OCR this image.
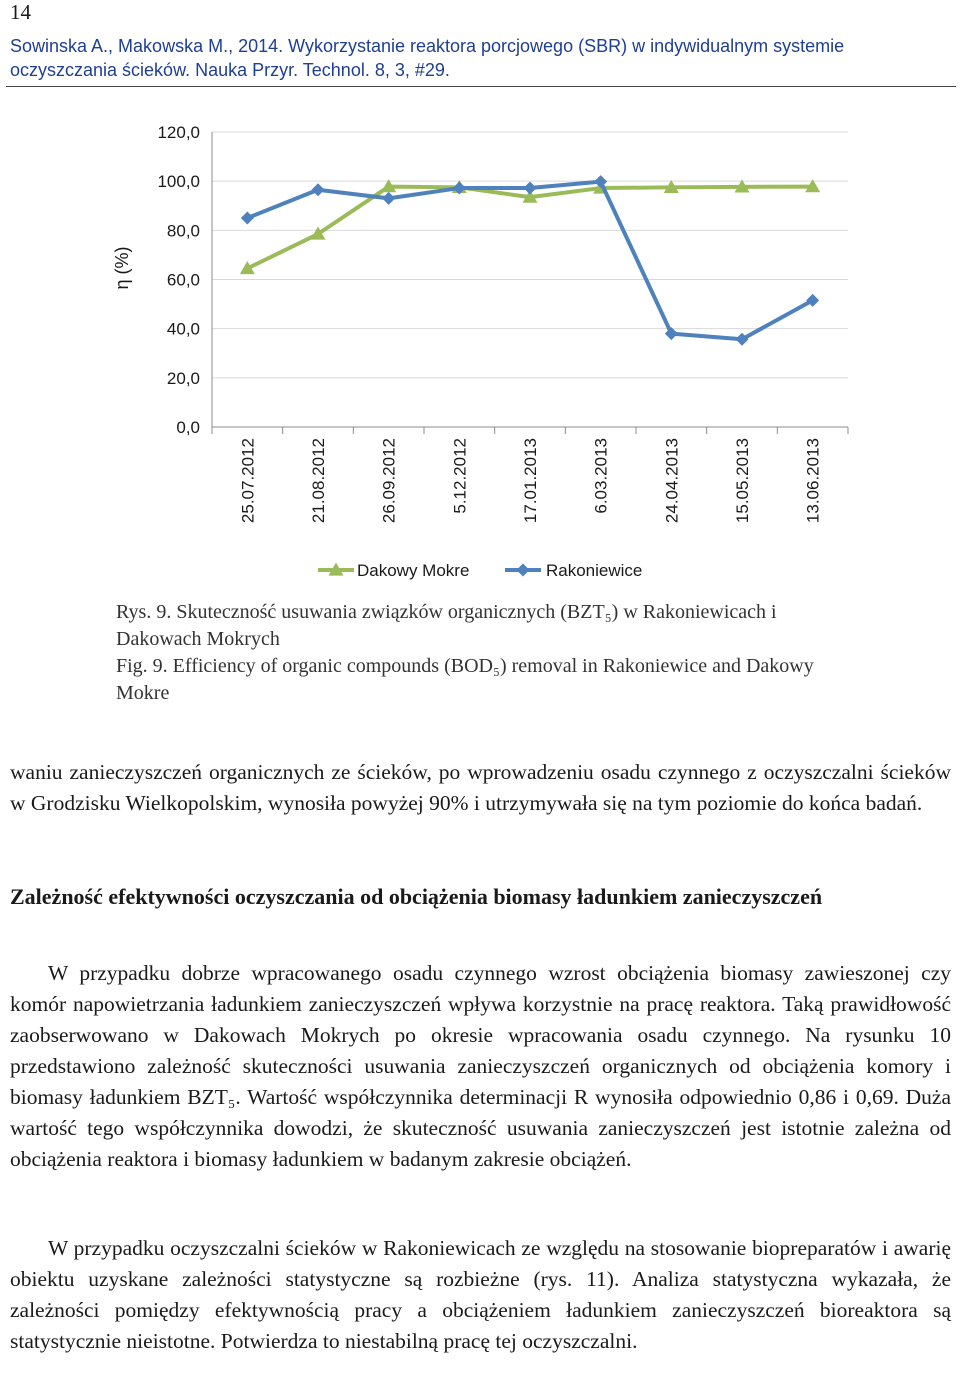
14
Sowinska A., Makowska M., 2014. Wykorzystanie reaktora porcjowego (SBR) w indywidualnym systemie oczyszczania ścieków. Nauka Przyr. Technol. 8, 3, #29.
0,0
20,0
40,0
60,0
80,0
100,0
120,0
25.07.2012	21.08.2012	26.09.2012	5.12.2012	17.01.2013	6.03.2013	24.04.2013	15.05.2013	13.06.2013
Dakowy Mokre	Rakoniewice
η (%)
Rys. 9. Skuteczność usuwania związków organicznych (BZT₅) w Rakoniewicach i Dakowach Mokrych
Fig. 9. Efficiency of organic compounds (BOD₅) removal in Rakoniewice and Dakowy Mokre
waniu zanieczyszczeń organicznych ze ścieków, po wprowadzeniu osadu czynnego z oczyszczalni ścieków w Grodzisku Wielkopolskim, wynosiła powyżej 90% i utrzymywała się na tym poziomie do końca badań.
Zależność efektywności oczyszczania od obciążenia biomasy ładunkiem zanieczyszczeń
W przypadku dobrze wpracowanego osadu czynnego wzrost obciążenia biomasy zawieszonej czy komór napowietrzania ładunkiem zanieczyszczeń wpływa korzystnie na pracę reaktora. Taką prawidłowość zaobserwowano w Dakowach Mokrych po okresie wpracowania osadu czynnego. Na rysunku 10 przedstawiono zależność skuteczności usuwania zanieczyszczeń organicznych od obciążenia komory i biomasy ładunkiem BZT₅. Wartość współczynnika determinacji R wynosiła odpowiednio 0,86 i 0,69. Duża wartość tego współczynnika dowodzi, że skuteczność usuwania zanieczyszczeń jest istotnie zależna od obciążenia reaktora i biomasy ładunkiem w badanym zakresie obciążeń.
W przypadku oczyszczalni ścieków w Rakoniewicach ze względu na stosowanie biopreparatów i awarię obiektu uzyskane zależności statystyczne są rozbieżne (rys. 11). Analiza statystyczna wykazała, że zależności pomiędzy efektywnością pracy a obciążeniem ładunkiem zanieczyszczeń bioreaktora są statystycznie nieistotne. Potwierdza to niestabilną pracę tej oczyszczalni.
